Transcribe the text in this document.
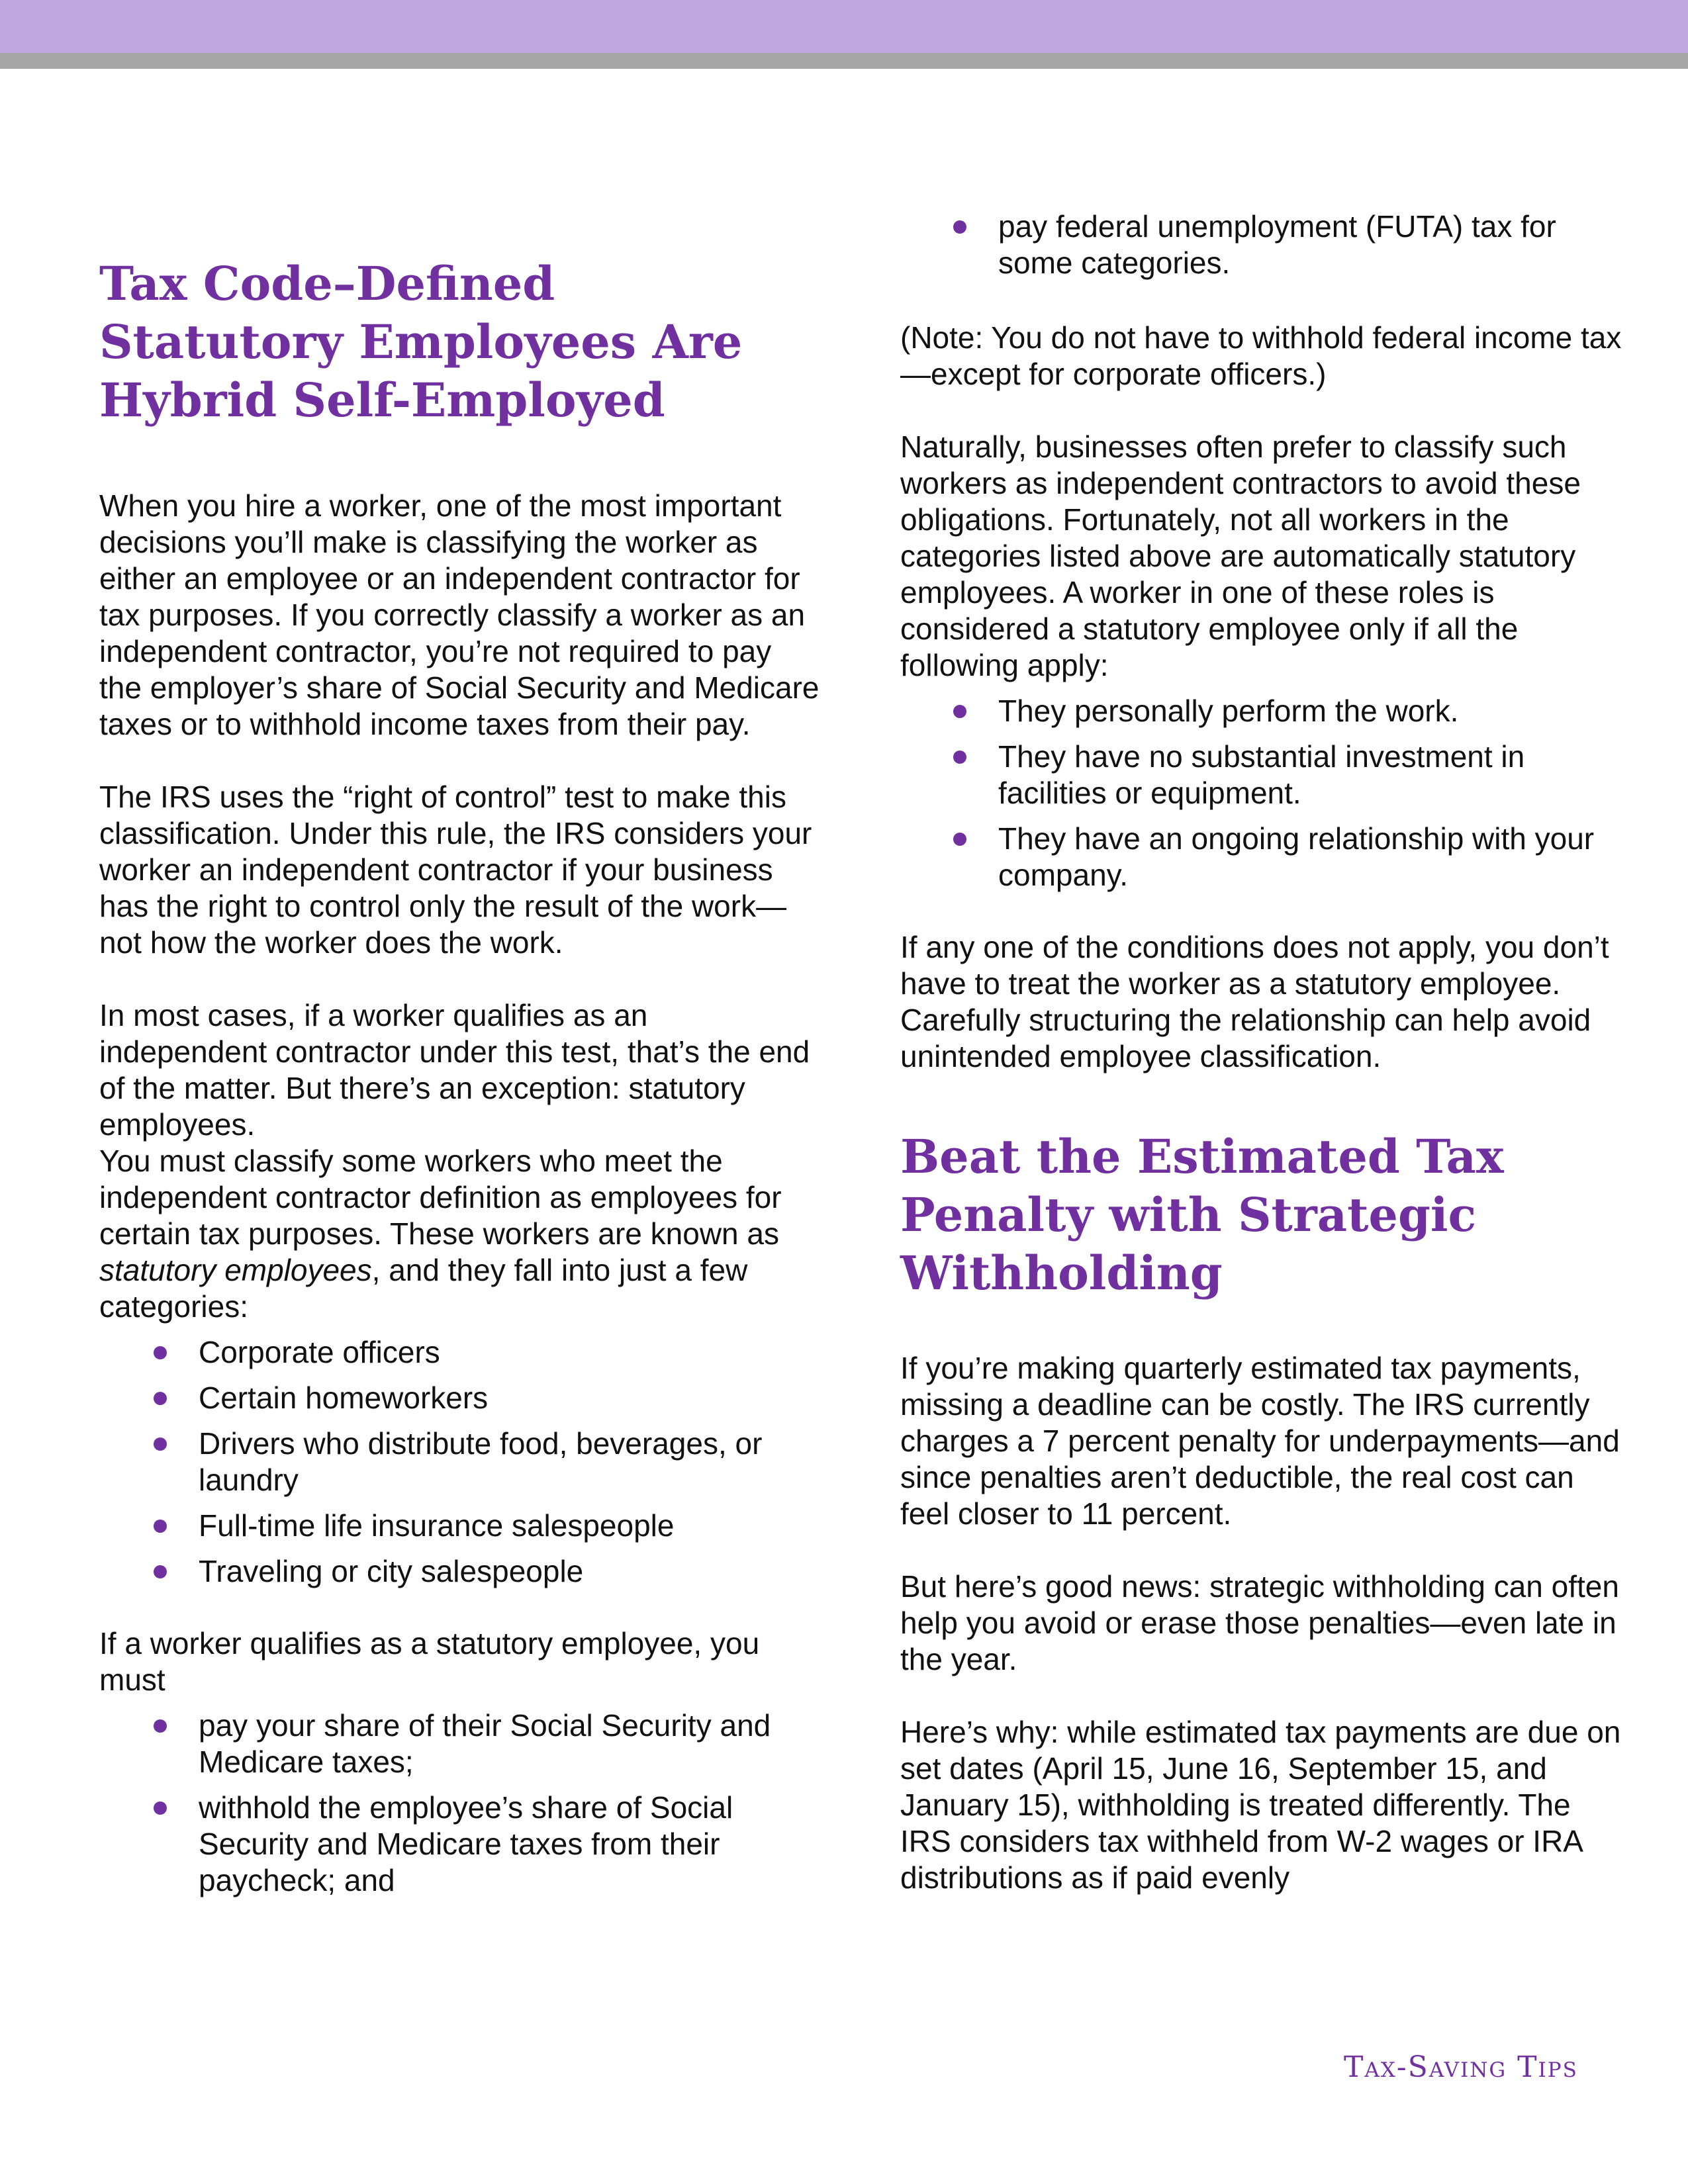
Tax Code–Defined
Statutory Employees Are
Hybrid Self-Employed

When you hire a worker, one of the most important decisions you’ll make is classifying the worker as either an employee or an independent contractor for tax purposes. If you correctly classify a worker as an independent contractor, you’re not required to pay the employer’s share of Social Security and Medicare taxes or to withhold income taxes from their pay.

The IRS uses the “right of control” test to make this classification. Under this rule, the IRS considers your worker an independent contractor if your business has the right to control only the result of the work—not how the worker does the work.

In most cases, if a worker qualifies as an independent contractor under this test, that’s the end of the matter. But there’s an exception: statutory employees.

You must classify some workers who meet the independent contractor definition as employees for certain tax purposes. These workers are known as statutory employees, and they fall into just a few categories:

Corporate officers
Certain homeworkers
Drivers who distribute food, beverages, or laundry
Full-time life insurance salespeople
Traveling or city salespeople

If a worker qualifies as a statutory employee, you must

pay your share of their Social Security and Medicare taxes;
withhold the employee’s share of Social Security and Medicare taxes from their paycheck; and
pay federal unemployment (FUTA) tax for some categories.

(Note: You do not have to withhold federal income tax—except for corporate officers.)

Naturally, businesses often prefer to classify such workers as independent contractors to avoid these obligations. Fortunately, not all workers in the categories listed above are automatically statutory employees. A worker in one of these roles is considered a statutory employee only if all the following apply:

They personally perform the work.
They have no substantial investment in facilities or equipment.
They have an ongoing relationship with your company.

If any one of the conditions does not apply, you don’t have to treat the worker as a statutory employee. Carefully structuring the relationship can help avoid unintended employee classification.

Beat the Estimated Tax
Penalty with Strategic
Withholding

If you’re making quarterly estimated tax payments, missing a deadline can be costly. The IRS currently charges a 7 percent penalty for underpayments—and since penalties aren’t deductible, the real cost can feel closer to 11 percent.

But here’s good news: strategic withholding can often help you avoid or erase those penalties—even late in the year.

Here’s why: while estimated tax payments are due on set dates (April 15, June 16, September 15, and January 15), withholding is treated differently. The IRS considers tax withheld from W-2 wages or IRA distributions as if paid evenly

Tax-Saving Tips
